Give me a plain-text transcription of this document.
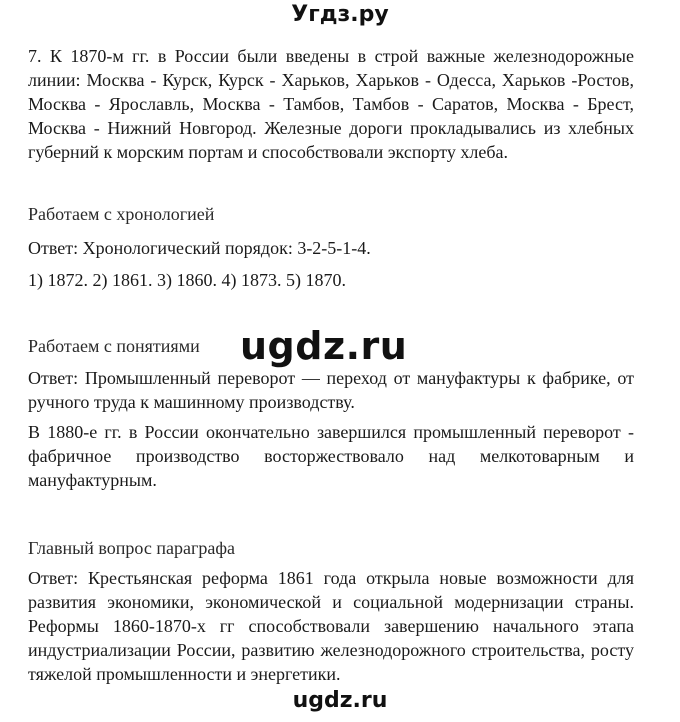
Угдз.ру

7. К 1870-м гг. в России были введены в строй важные железнодорожные линии: Москва - Курск, Курск - Харьков, Харьков - Одесса, Харьков -Ростов, Москва - Ярославль, Москва - Тамбов, Тамбов - Саратов, Москва - Брест, Москва - Нижний Новгород. Железные дороги прокладывались из хлебных губерний к морским портам и способствовали экспорту хлеба.

Работаем с хронологией

Ответ: Хронологический порядок: 3-2-5-1-4.

1) 1872. 2) 1861. 3) 1860. 4) 1873. 5) 1870.

Работаем с понятиями

Ответ: Промышленный переворот — переход от мануфактуры к фабрике, от ручного труда к машинному производству.

В 1880-е гг. в России окончательно завершился промышленный переворот - фабричное производство восторжествовало над мелкотоварным и мануфактурным.

Главный вопрос параграфа

Ответ: Крестьянская реформа 1861 года открыла новые возможности для развития экономики, экономической и социальной модернизации страны. Реформы 1860-1870-х гг способствовали завершению начального этапа индустриализации России, развитию железнодорожного строительства, росту тяжелой промышленности и энергетики.

ugdz.ru
ugdz.ru
